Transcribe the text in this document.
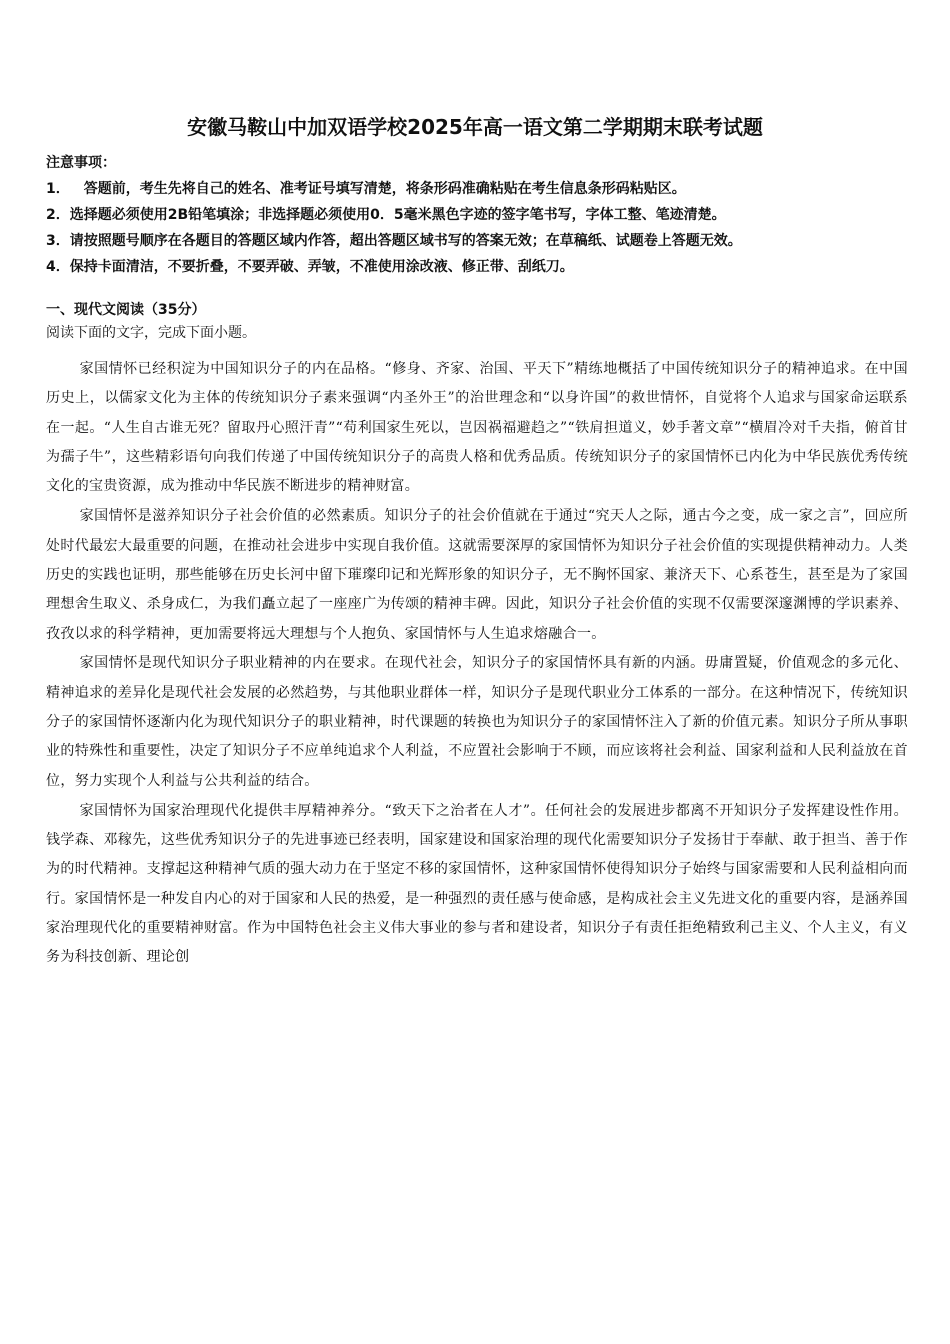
安徽马鞍山中加双语学校2025年高一语文第二学期期末联考试题
注意事项：
1． 答题前，考生先将自己的姓名、准考证号填写清楚，将条形码准确粘贴在考生信息条形码粘贴区。
2．选择题必须使用2B铅笔填涂；非选择题必须使用0．5毫米黑色字迹的签字笔书写，字体工整、笔迹清楚。
3．请按照题号顺序在各题目的答题区域内作答，超出答题区域书写的答案无效；在草稿纸、试题卷上答题无效。
4．保持卡面清洁，不要折叠，不要弄破、弄皱，不准使用涂改液、修正带、刮纸刀。
一、现代文阅读（35分）
阅读下面的文字，完成下面小题。

家国情怀已经积淀为中国知识分子的内在品格。“修身、齐家、治国、平天下”精练地概括了中国传统知识分子的精神追求。在中国历史上，以儒家文化为主体的传统知识分子素来强调“内圣外王”的治世理念和“以身许国”的救世情怀，自觉将个人追求与国家命运联系在一起。“人生自古谁无死？留取丹心照汗青”“苟利国家生死以，岂因祸福避趋之”“铁肩担道义，妙手著文章”“横眉冷对千夫指，俯首甘为孺子牛”，这些精彩语句向我们传递了中国传统知识分子的高贵人格和优秀品质。传统知识分子的家国情怀已内化为中华民族优秀传统文化的宝贵资源，成为推动中华民族不断进步的精神财富。

家国情怀是滋养知识分子社会价值的必然素质。知识分子的社会价值就在于通过“究天人之际，通古今之变，成一家之言”，回应所处时代最宏大最重要的问题，在推动社会进步中实现自我价值。这就需要深厚的家国情怀为知识分子社会价值的实现提供精神动力。人类历史的实践也证明，那些能够在历史长河中留下璀璨印记和光辉形象的知识分子，无不胸怀国家、兼济天下、心系苍生，甚至是为了家国理想舍生取义、杀身成仁，为我们矗立起了一座座广为传颂的精神丰碑。因此，知识分子社会价值的实现不仅需要深邃渊博的学识素养、孜孜以求的科学精神，更加需要将远大理想与个人抱负、家国情怀与人生追求熔融合一。

家国情怀是现代知识分子职业精神的内在要求。在现代社会，知识分子的家国情怀具有新的内涵。毋庸置疑，价值观念的多元化、精神追求的差异化是现代社会发展的必然趋势，与其他职业群体一样，知识分子是现代职业分工体系的一部分。在这种情况下，传统知识分子的家国情怀逐渐内化为现代知识分子的职业精神，时代课题的转换也为知识分子的家国情怀注入了新的价值元素。知识分子所从事职业的特殊性和重要性，决定了知识分子不应单纯追求个人利益，不应置社会影响于不顾，而应该将社会利益、国家利益和人民利益放在首位，努力实现个人利益与公共利益的结合。

家国情怀为国家治理现代化提供丰厚精神养分。“致天下之治者在人才”。任何社会的发展进步都离不开知识分子发挥建设性作用。钱学森、邓稼先，这些优秀知识分子的先进事迹已经表明，国家建设和国家治理的现代化需要知识分子发扬甘于奉献、敢于担当、善于作为的时代精神。支撑起这种精神气质的强大动力在于坚定不移的家国情怀，这种家国情怀使得知识分子始终与国家需要和人民利益相向而行。家国情怀是一种发自内心的对于国家和人民的热爱，是一种强烈的责任感与使命感，是构成社会主义先进文化的重要内容，是涵养国家治理现代化的重要精神财富。作为中国特色社会主义伟大事业的参与者和建设者，知识分子有责任拒绝精致利己主义、个人主义，有义务为科技创新、理论创
